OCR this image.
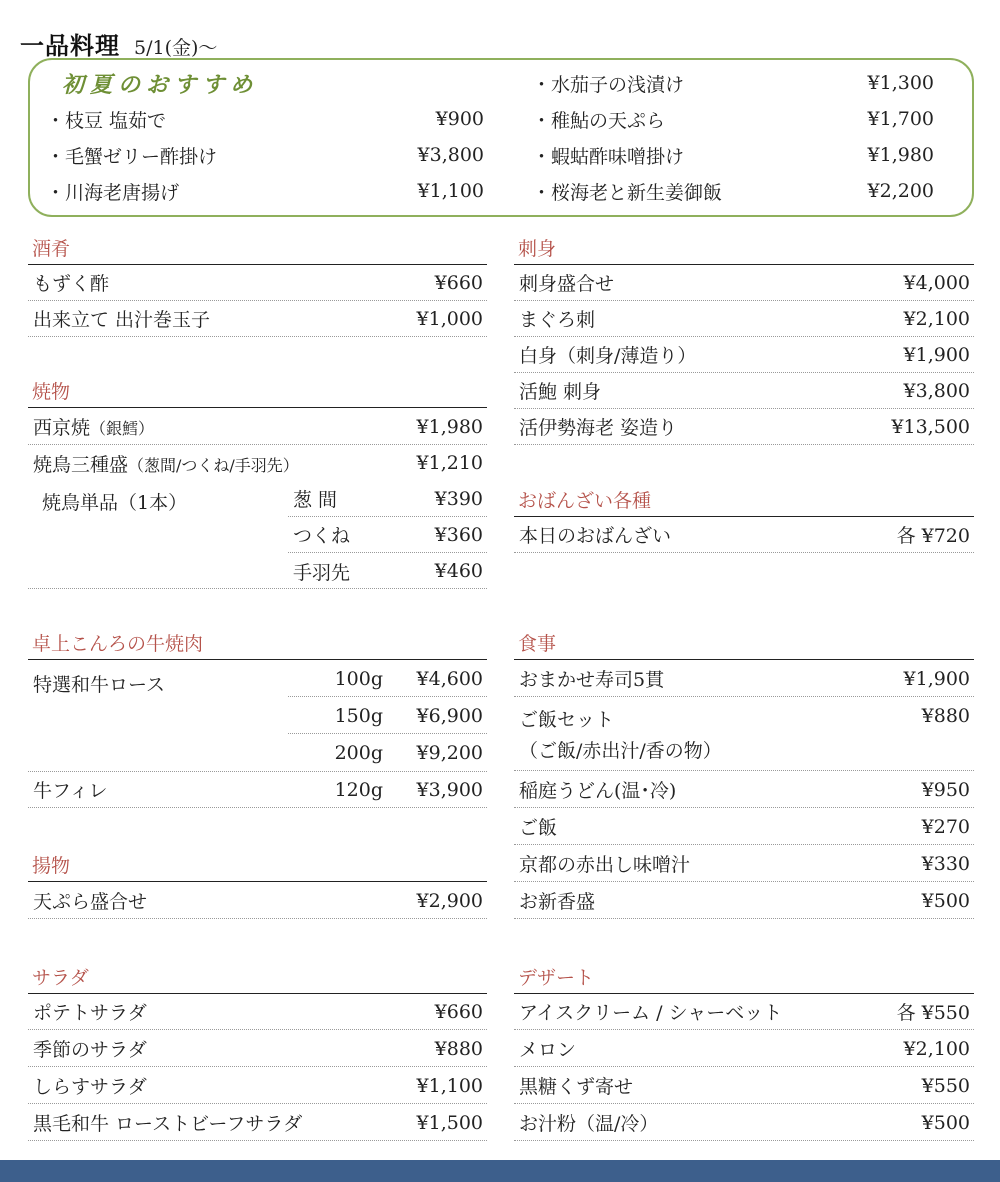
一品料理 5/1(金)〜
初夏のおすすめ
・枝豆 塩茹で	¥900
・毛蟹ゼリー酢掛け	¥3,800
・川海老唐揚げ	¥1,100
・水茄子の浅漬け	¥1,300
・稚鮎の天ぷら	¥1,700
・蝦蛄酢味噌掛け	¥1,980
・桜海老と新生姜御飯	¥2,200
酒肴
もずく酢	¥660
出来立て 出汁巻玉子	¥1,000
焼物
西京焼（銀鱈）	¥1,980
焼鳥三種盛（葱間/つくね/手羽先）	¥1,210
焼鳥単品（1本）	葱 間	¥390
つくね	¥360
手羽先	¥460
卓上こんろの牛焼肉
特選和牛ロース	100g ¥4,600
150g ¥6,900
200g ¥9,200
牛フィレ	120g ¥3,900
揚物
天ぷら盛合せ	¥2,900
サラダ
ポテトサラダ	¥660
季節のサラダ	¥880
しらすサラダ	¥1,100
黒毛和牛 ローストビーフサラダ	¥1,500
刺身
刺身盛合せ	¥4,000
まぐろ刺	¥2,100
白身（刺身/薄造り）	¥1,900
活鮑 刺身	¥3,800
活伊勢海老 姿造り	¥13,500
おばんざい各種
本日のおばんざい	各 ¥720
食事
おまかせ寿司5貫	¥1,900
ご飯セット
（ご飯/赤出汁/香の物）
¥880
稲庭うどん(温･冷)	¥950
ご飯	¥270
京都の赤出し味噌汁	¥330
お新香盛	¥500
デザート
アイスクリーム / シャーベット	各 ¥550
メロン	¥2,100
黒糖くず寄せ	¥550
お汁粉（温/冷）	¥500
